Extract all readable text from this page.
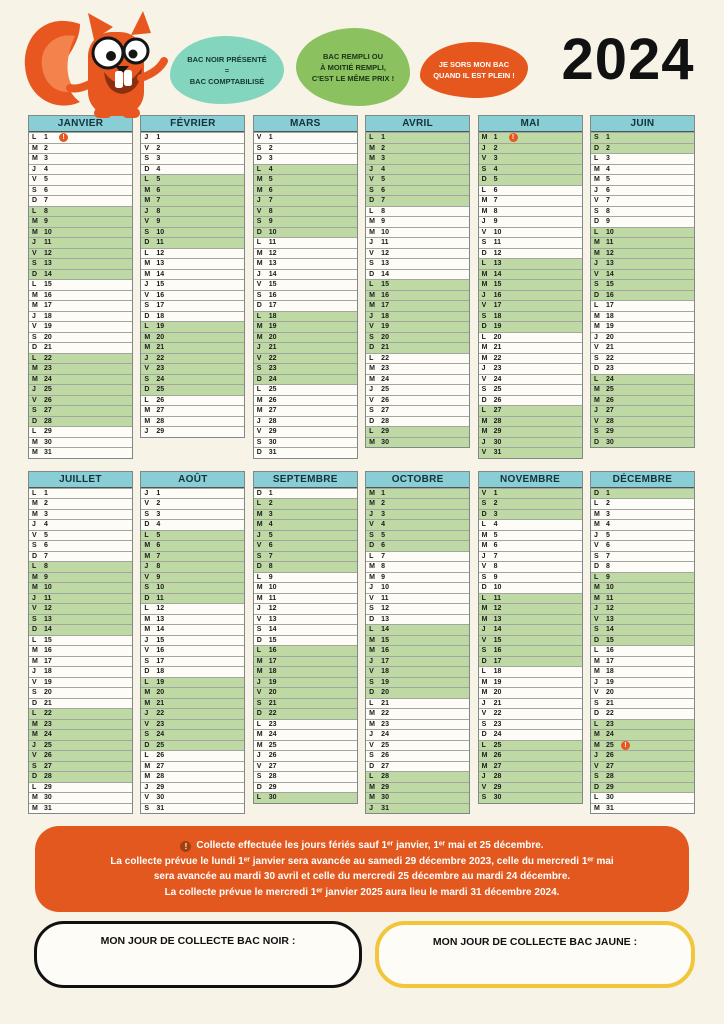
BAC NOIR PRÉSENTÉ
=
BAC COMPTABILISÉ
BAC REMPLI OU
À MOITIÉ REMPLI,
C'EST LE MÊME PRIX !
JE SORS MON BAC
QUAND IL EST PLEIN ! 2024
JANVIER
L	1	!
M 2
M 3
J	4
V	5
S	6
D 7
L	8
M 9
M 10
J	11
V	12
S	13
D 14
L	15
M 16
M 17
J	18
V	19
S	20
D 21
L	22
M 23
M 24
J	25
V	26
S	27
D 28
L	29
M 30
M 31
FÉVRIER
J	1
V	2
S	3
D 4
L	5
M 6
M 7
J	8
V	9
S	10
D 11
L	12
M 13
M 14
J	15
V	16
S	17
D 18
L	19
M 20
M 21
J	22
V	23
S	24
D 25
L	26
M 27
M 28
J	29
MARS
V	1
S	2
D 3
L	4
M 5
M 6
J	7
V	8
S	9
D 10
L	11
M 12
M 13
J	14
V	15
S	16
D 17
L	18
M 19
M 20
J	21
V	22
S	23
D 24
L	25
M 26
M 27
J	28
V	29
S	30
D 31
AVRIL
L	1
M 2
M 3
J	4
V	5
S	6
D 7
L	8
M 9
M 10
J	11
V	12
S	13
D 14
L	15
M 16
M 17
J	18
V	19
S	20
D 21
L	22
M 23
M 24
J	25
V	26
S	27
D 28
L	29
M 30
MAI
M 1	!
J	2
V	3
S	4
D 5
L	6
M 7
M 8
J	9
V	10
S	11
D 12
L	13
M 14
M 15
J	16
V	17
S	18
D 19
L	20
M 21
M 22
J	23
V	24
S	25
D 26
L	27
M 28
M 29
J	30
V	31
JUIN
S	1
D 2
L	3
M 4
M 5
J	6
V	7
S	8
D 9
L	10
M 11
M 12
J	13
V	14
S	15
D 16
L	17
M 18
M 19
J	20
V	21
S	22
D 23
L	24
M 25
M 26
J	27
V	28
S	29
D 30
JUILLET
L	1
M 2
M 3
J	4
V	5
S	6
D 7
L	8
M 9
M 10
J	11
V	12
S	13
D 14
L	15
M 16
M 17
J	18
V	19
S	20
D 21
L	22
M 23
M 24
J	25
V	26
S	27
D 28
L	29
M 30
M 31
AOÛT
J	1
V	2
S	3
D 4
L	5
M 6
M 7
J	8
V	9
S	10
D 11
L	12
M 13
M 14
J	15
V	16
S	17
D 18
L	19
M 20
M 21
J	22
V	23
S	24
D 25
L	26
M 27
M 28
J	29
V	30
S	31
SEPTEMBRE
D 1
L	2
M 3
M 4
J	5
V	6
S	7
D 8
L	9
M 10
M 11
J	12
V	13
S	14
D 15
L	16
M 17
M 18
J	19
V	20
S	21
D 22
L	23
M 24
M 25
J	26
V	27
S	28
D 29
L	30
OCTOBRE
M 1
M 2
J	3
V	4
S	5
D 6
L	7
M 8
M 9
J	10
V	11
S	12
D 13
L	14
M 15
M 16
J	17
V	18
S	19
D 20
L	21
M 22
M 23
J	24
V	25
S	26
D 27
L	28
M 29
M 30
J	31
NOVEMBRE
V	1
S	2
D 3
L	4
M 5
M 6
J	7
V	8
S	9
D 10
L	11
M 12
M 13
J	14
V	15
S	16
D 17
L	18
M 19
M 20
J	21
V	22
S	23
D 24
L	25
M 26
M 27
J	28
V	29
S	30
DÉCEMBRE
D 1
L	2
M 3
M 4
J	5
V	6
S	7
D 8
L	9
M 10
M 11
J	12
V	13
S	14
D 15
L	16
M 17
M 18
J	19
V	20
S	21
D 22
L	23
M 24
M 25	!
J	26
V	27
S	28
D 29
L	30
M 31
! Collecte effectuée les jours fériés sauf 1ᵉʳ janvier, 1ᵉʳ mai et 25 décembre.
La collecte prévue le lundi 1ᵉʳ janvier sera avancée au samedi 29 décembre 2023, celle du mercredi 1ᵉʳ mai
sera avancée au mardi 30 avril et celle du mercredi 25 décembre au mardi 24 décembre.
La collecte prévue le mercredi 1ᵉʳ janvier 2025 aura lieu le mardi 31 décembre 2024.
MON JOUR DE COLLECTE BAC NOIR :	MON JOUR DE COLLECTE BAC JAUNE :
